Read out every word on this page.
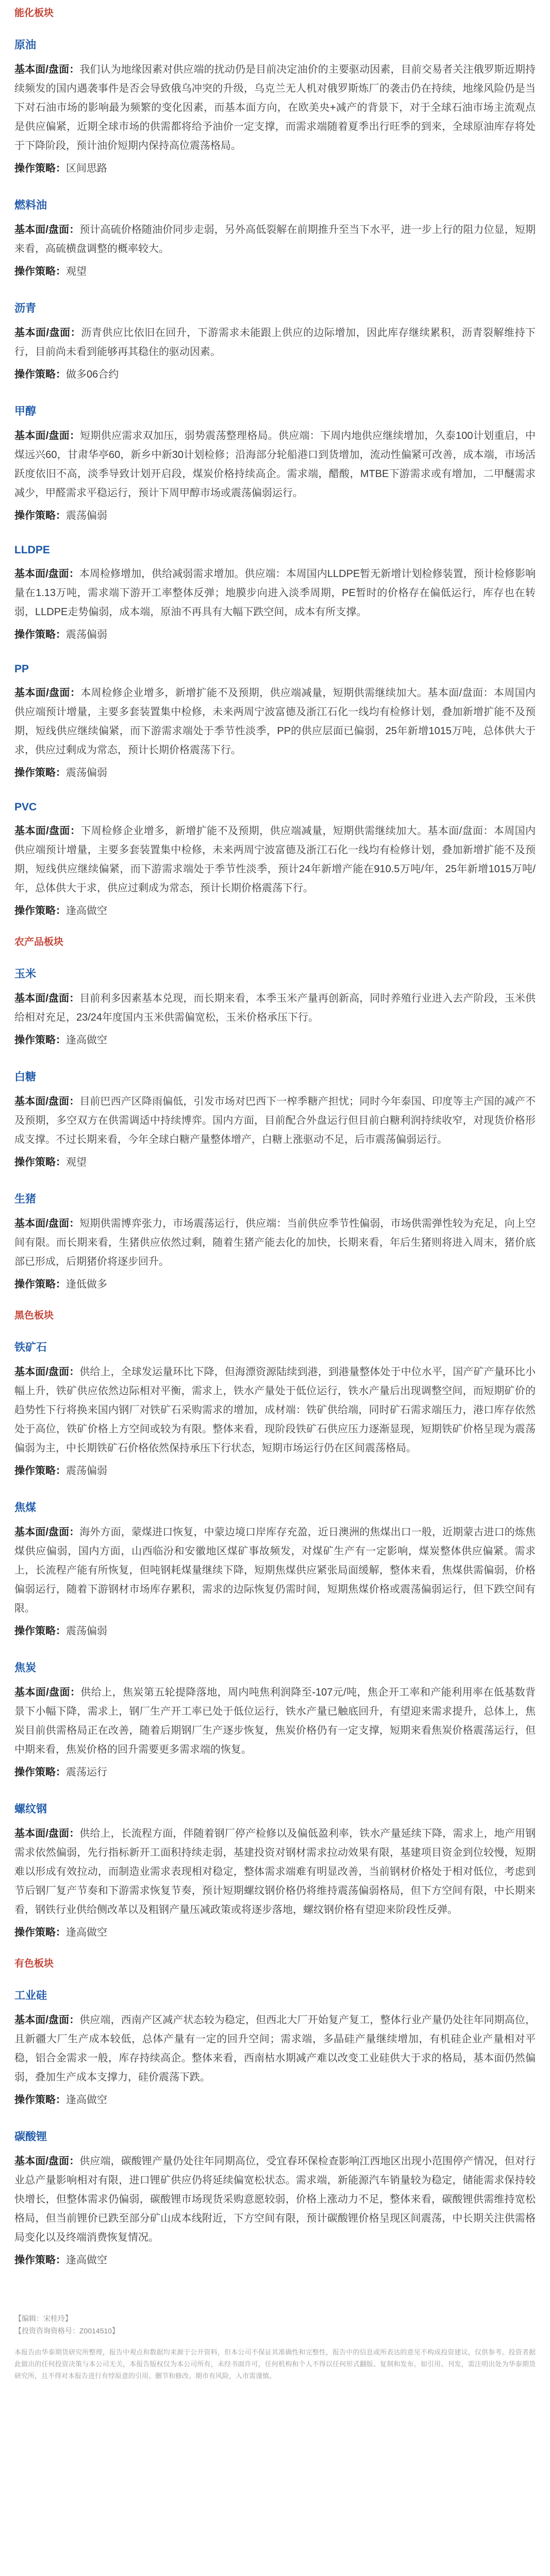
能化板块
原油
基本面/盘面：我们认为地缘因素对供应端的扰动仍是目前决定油价的主要驱动因素，目前交易者关注俄罗斯近期持续频发的国内遇袭事件是否会导致俄乌冲突的升级，乌克兰无人机对俄罗斯炼厂的袭击仍在持续，地缘风险仍是当下对石油市场的影响最为频繁的变化因素，而基本面方向，在欧美央+减产的背景下，对于全球石油市场主流观点是供应偏紧，近期全球市场的供需都将给予油价一定支撑，而需求端随着夏季出行旺季的到来，全球原油库存将处于下降阶段，预计油价短期内保持高位震荡格局。
操作策略：区间思路
燃料油
基本面/盘面：预计高硫价格随油价同步走弱，另外高低裂解在前期推升至当下水平，进一步上行的阻力位显，短期来看，高硫横盘调整的概率较大。
操作策略：观望
沥青
基本面/盘面：沥青供应比依旧在回升，下游需求未能跟上供应的边际增加，因此库存继续累积，沥青裂解维持下行，目前尚未看到能够再其稳住的驱动因素。
操作策略：做多06合约
甲醇
基本面/盘面：短期供应需求双加压，弱势震荡整理格局。供应端：下周内地供应继续增加，久泰100计划重启，中煤远兴60，甘肃华亭60，新乡中新30计划检修；沿海部分轮船港口到货增加，流动性偏紧可改善，成本端，市场活跃度依旧不高，淡季导致计划开启段，煤炭价格持续高企。需求端，醋酸，MTBE下游需求或有增加，二甲醚需求减少，甲醛需求平稳运行，预计下周甲醇市场或震荡偏弱运行。
操作策略：震荡偏弱
LLDPE
基本面/盘面：本周检修增加，供给减弱需求增加。供应端：本周国内LLDPE暂无新增计划检修装置，预计检修影响量在1.13万吨，需求端下游开工率整体反弹；地膜步向进入淡季周期，PE暂时的价格存在偏低运行，库存也在转弱，LLDPE走势偏弱，成本端，原油不再具有大幅下跌空间，成本有所支撑。
操作策略：震荡偏弱
PP
基本面/盘面：本周检修企业增多，新增扩能不及预期，供应端减量，短期供需继续加大。基本面/盘面：本周国内供应端预计增量，主要多套装置集中检修，未来两周宁波富德及浙江石化一线均有检修计划，叠加新增扩能不及预期，短线供应继续偏紧，而下游需求端处于季节性淡季，PP的供应层面已偏弱，25年新增1015万吨，总体供大于求，供应过剩成为常态，预计长期价格震荡下行。
操作策略：震荡偏弱
PVC
基本面/盘面：下周检修企业增多，新增扩能不及预期，供应端减量，短期供需继续加大。基本面/盘面：本周国内供应端预计增量，主要多套装置集中检修，未来两周宁波富德及浙江石化一线均有检修计划，叠加新增扩能不及预期，短线供应继续偏紧，而下游需求端处于季节性淡季，预计24年新增产能在910.5万吨/年，25年新增1015万吨/年，总体供大于求，供应过剩成为常态，预计长期价格震荡下行。
操作策略：逢高做空
农产品板块
玉米
基本面/盘面：目前利多因素基本兑现，而长期来看，本季玉米产量再创新高，同时养殖行业进入去产阶段，玉米供给相对充足，23/24年度国内玉米供需偏宽松，玉米价格承压下行。
操作策略：逢高做空
白糖
基本面/盘面：目前巴西产区降雨偏低，引发市场对巴西下一榨季糖产担忧；同时今年泰国、印度等主产国的减产不及预期，多空双方在供需调适中持续博弈。国内方面，目前配合外盘运行但目前白糖利润持续收窄，对现货价格形成支撑。不过长期来看，今年全球白糖产量整体增产，白糖上涨驱动不足，后市震荡偏弱运行。
操作策略：观望
生猪
基本面/盘面：短期供需博弈张力，市场震荡运行，供应端：当前供应季节性偏弱，市场供需弹性较为充足，向上空间有限。而长期来看，生猪供应依然过剩，随着生猪产能去化的加快，长期来看，年后生猪则将进入周末，猪价底部已形成，后期猪价将逐步回升。
操作策略：逢低做多
黑色板块
铁矿石
基本面/盘面：供给上，全球发运量环比下降，但海漂资源陆续到港，到港量整体处于中位水平，国产矿产量环比小幅上升，铁矿供应依然边际相对平衡，需求上，铁水产量处于低位运行，铁水产量后出现调整空间，而短期矿价的趋势性下行将换来国内钢厂对铁矿石采购需求的增加，成材端：铁矿供给端，同时矿石需求端压力，港口库存依然处于高位，铁矿价格上方空间或较为有限。整体来看，现阶段铁矿石供应压力逐渐显现，短期铁矿价格呈现为震荡偏弱为主，中长期铁矿石价格依然保持承压下行状态，短期市场运行仍在区间震荡格局。
操作策略：震荡偏弱
焦煤
基本面/盘面：海外方面，蒙煤进口恢复，中蒙边境口岸库存充盈，近日澳洲的焦煤出口一般，近期蒙古进口的炼焦煤供应偏弱，国内方面，山西临汾和安徽地区煤矿事故频发，对煤矿生产有一定影响，煤炭整体供应偏紧。需求上，长流程产能有所恢复，但吨钢耗煤量继续下降，短期焦煤供应紧张局面缓解，整体来看，焦煤供需偏弱，价格偏弱运行，随着下游钢材市场库存累积，需求的边际恢复仍需时间，短期焦煤价格或震荡偏弱运行，但下跌空间有限。
操作策略：震荡偏弱
焦炭
基本面/盘面：供给上，焦炭第五轮提降落地，周内吨焦利润降至-107元/吨，焦企开工率和产能利用率在低基数背景下小幅下降，需求上，钢厂生产开工率已处于低位运行，铁水产量已触底回升，有望迎来需求提升，总体上，焦炭目前供需格局正在改善，随着后期钢厂生产逐步恢复，焦炭价格仍有一定支撑，短期来看焦炭价格震荡运行，但中期来看，焦炭价格的回升需要更多需求端的恢复。
操作策略：震荡运行
螺纹钢
基本面/盘面：供给上，长流程方面，伴随着钢厂停产检修以及偏低盈利率，铁水产量延续下降，需求上，地产用钢需求依然偏弱，先行指标新开工面积持续走弱，基建投资对钢材需求拉动效果有限，基建项目资金到位较慢，短期难以形成有效拉动，而制造业需求表现相对稳定，整体需求端难有明显改善，当前钢材价格处于相对低位，考虑到节后钢厂复产节奏和下游需求恢复节奏，预计短期螺纹钢价格仍将维持震荡偏弱格局，但下方空间有限，中长期来看，钢铁行业供给侧改革以及粗钢产量压减政策或将逐步落地，螺纹钢价格有望迎来阶段性反弹。
操作策略：逢高做空
有色板块
工业硅
基本面/盘面：供应端，西南产区减产状态较为稳定，但西北大厂开始复产复工，整体行业产量仍处往年同期高位，且新疆大厂生产成本较低，总体产量有一定的回升空间；需求端，多晶硅产量继续增加，有机硅企业产量相对平稳，铝合金需求一般，库存持续高企。整体来看，西南枯水期减产难以改变工业硅供大于求的格局，基本面仍然偏弱，叠加生产成本支撑力，硅价震荡下跌。
操作策略：逢高做空
碳酸锂
基本面/盘面：供应端，碳酸锂产量仍处往年同期高位，受宜春环保检查影响江西地区出现小范围停产情况，但对行业总产量影响相对有限，进口锂矿供应仍将延续偏宽松状态。需求端，新能源汽车销量较为稳定，储能需求保持较快增长，但整体需求仍偏弱，碳酸锂市场现货采购意愿较弱，价格上涨动力不足，整体来看，碳酸锂供需维持宽松格局，但当前锂价已跌至部分矿山成本线附近，下方空间有限，预计碳酸锂价格呈现区间震荡，中长期关注供需格局变化以及终端消费恢复情况。
操作策略：逢高做空
【编辑：宋桂玲】
【投资咨询资格号：Z0014510】
本报告由华泰期货研究所整理，报告中观点和数据均来源于公开资料，但本公司不保证其准确性和完整性，报告中的信息或所表达的意见不构成投资建议，仅供参考。投资者据此做出的任何投资决策与本公司无关，本报告版权仅为本公司所有，未经书面许可，任何机构和个人不得以任何形式翻版、复制和发布。如引用、刊发，需注明出处为华泰期货研究所，且不得对本报告进行有悖原意的引用、删节和修改。期市有风险，入市需谨慎。
